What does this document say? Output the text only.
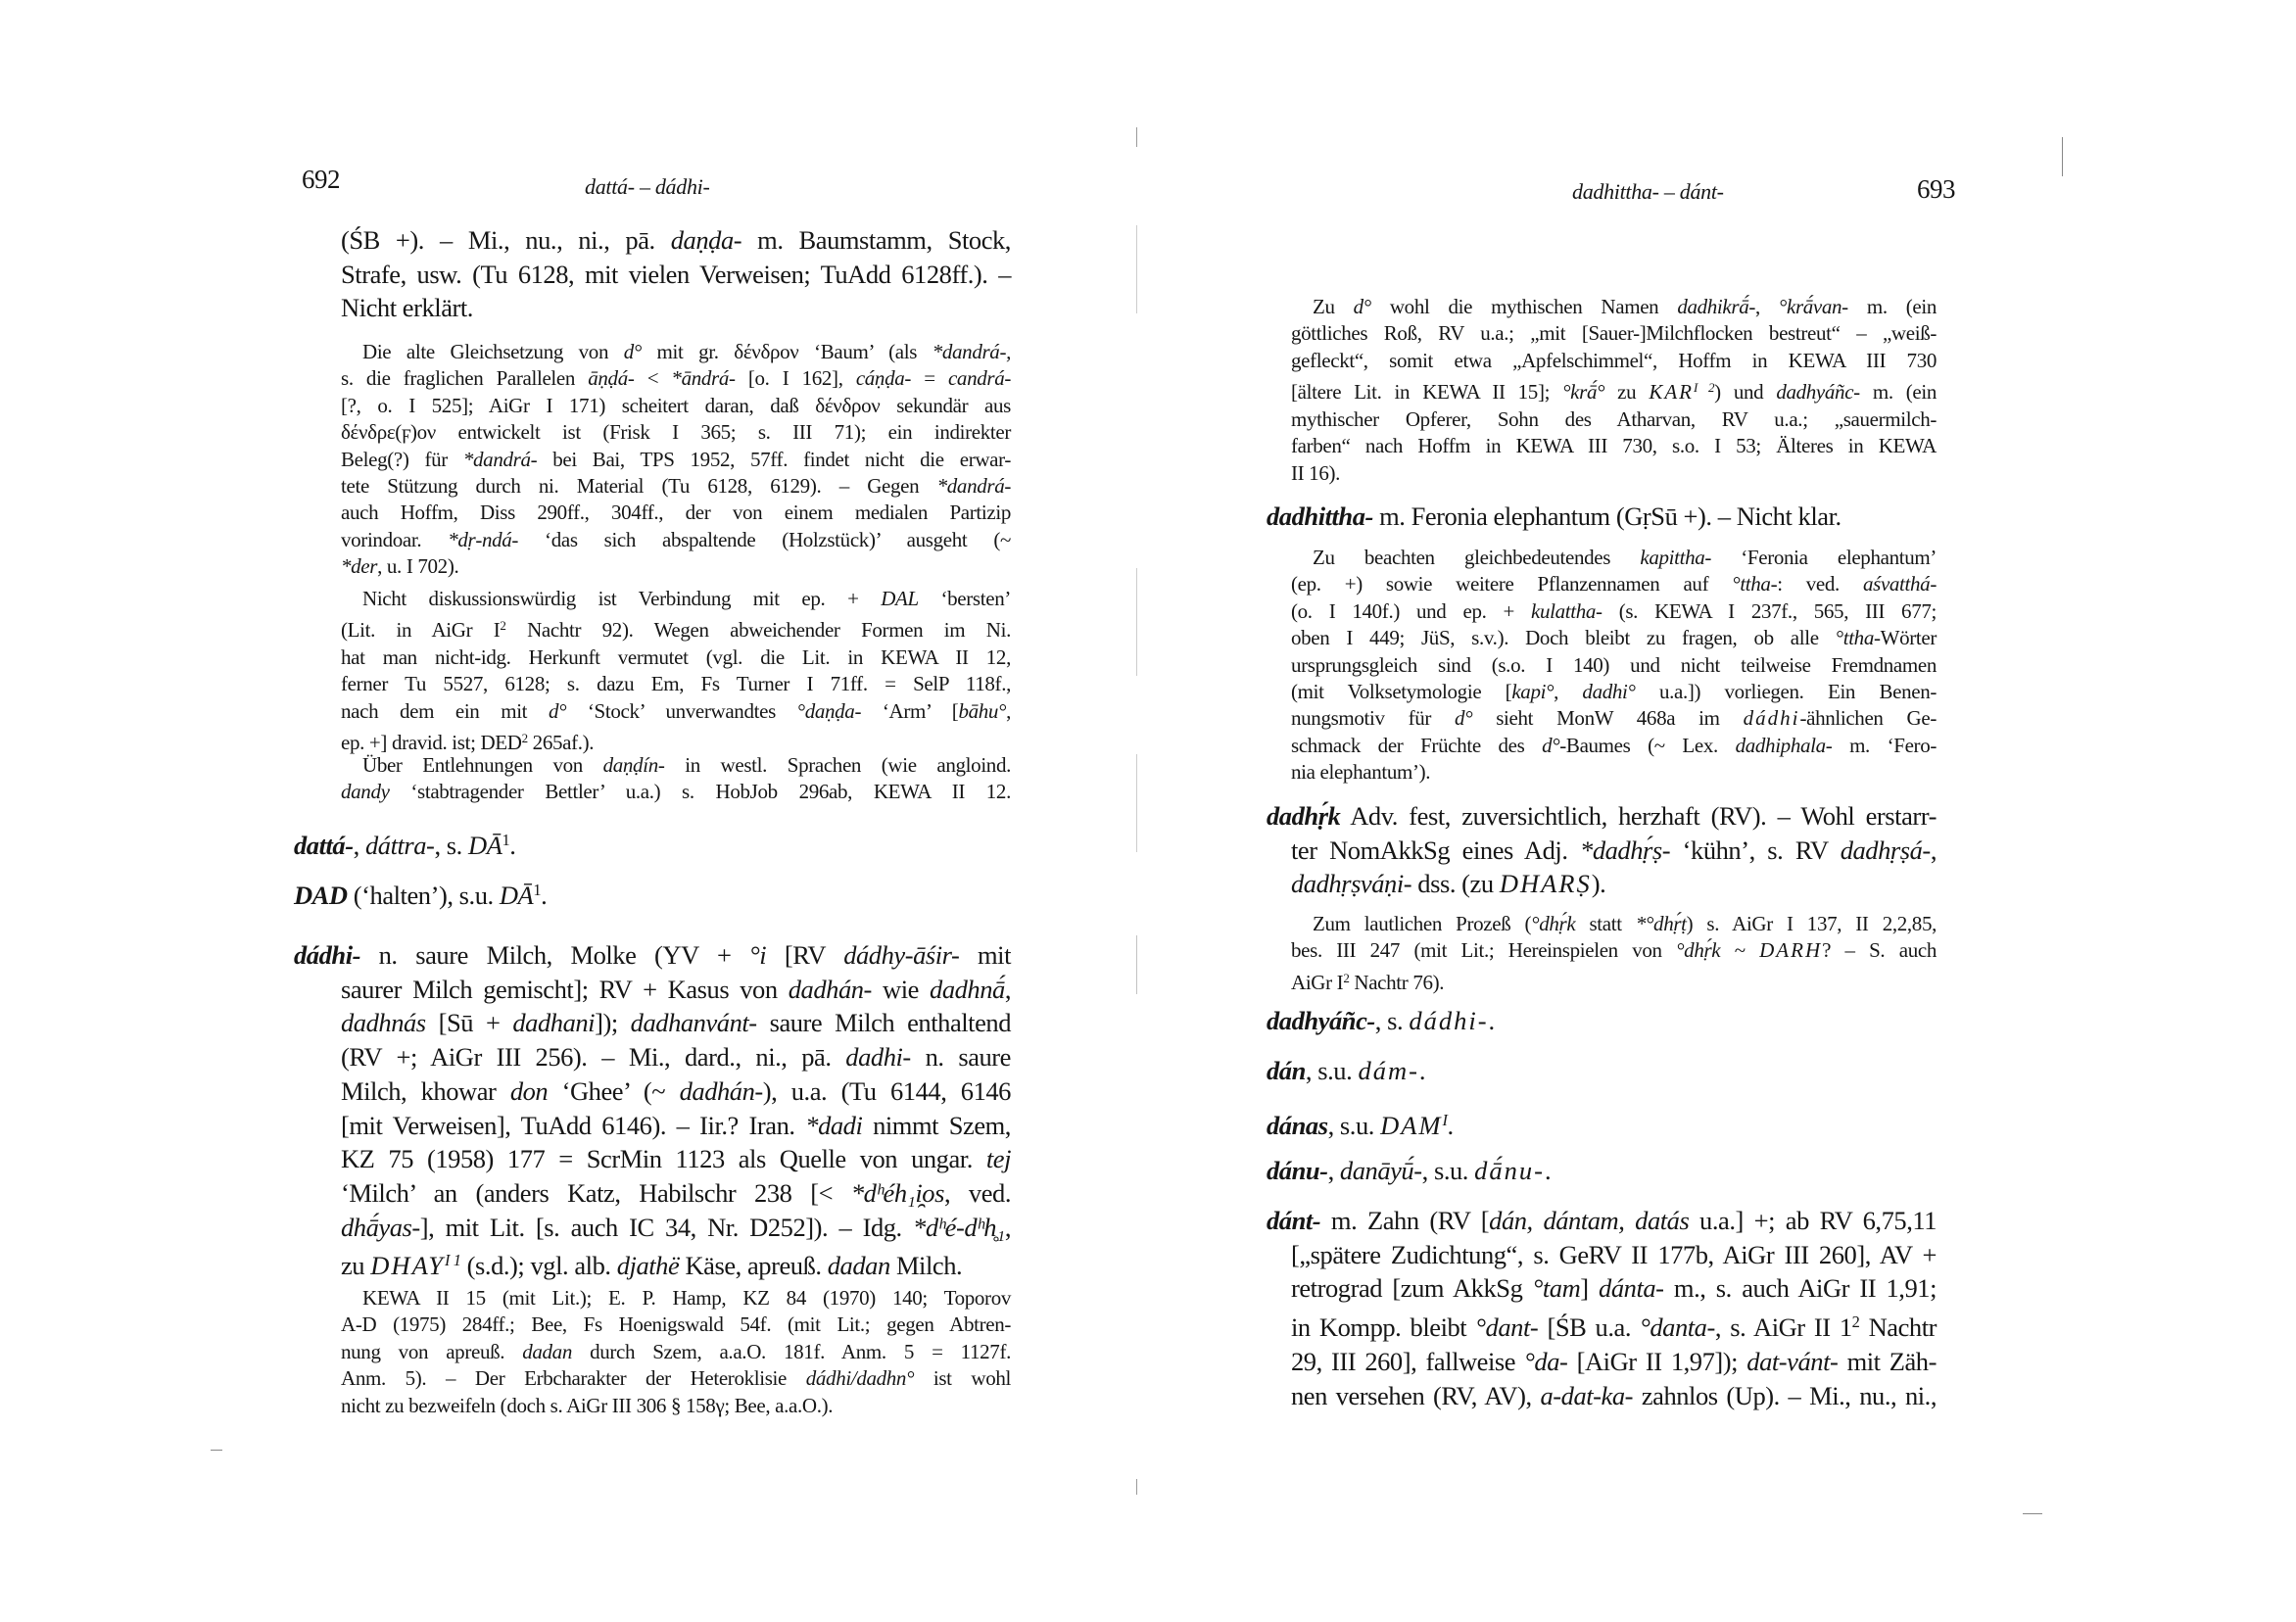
692	dattá- – dádhi-
(ŚB +). – Mi., nu., ni., pā. daṇḍa- m. Baumstamm, Stock,
Strafe, usw. (Tu 6128, mit vielen Verweisen; TuAdd 6128ff.). –
Nicht erklärt.
Die alte Gleichsetzung von d° mit gr. δένδρον ‘Baum’ (als *dandrá-,
s. die fraglichen Parallelen āṇḍá- < *āndrá- [o. I 162], cáṇḍa- = candrá-
[?, o. I 525]; AiGr I 171) scheitert daran, daß δένδρον sekundär aus
δένδρε(ϝ)ον entwickelt ist (Frisk I 365; s. III 71); ein indirekter
Beleg(?) für *dandrá- bei Bai, TPS 1952, 57ff. findet nicht die erwar-
tete Stützung durch ni. Material (Tu 6128, 6129). – Gegen *dandrá-
auch Hoffm, Diss 290ff., 304ff., der von einem medialen Partizip
vorindoar. *dṛ-ndá- ‘das sich abspaltende (Holzstück)’ ausgeht (~
*der, u. I 702).
Nicht diskussionswürdig ist Verbindung mit ep. + DAL ‘bersten’
(Lit. in AiGr $I^2$ Nachtr 92). Wegen abweichender Formen im Ni.
hat man nicht-idg. Herkunft vermutet (vgl. die Lit. in KEWA II 12,
ferner Tu 5527, 6128; s. dazu Em, Fs Turner I 71ff. = SelP 118f.,
nach dem ein mit d° ‘Stock’ unverwandtes °daṇḍa- ‘Arm’ [bāhu°,
ep. +] dravid. ist; DED$^2$ 265af.).
Über Entlehnungen von daṇḍín- in westl. Sprachen (wie angloind.
dandy ‘stabtragender Bettler’ u.a.) s. HobJob 296ab, KEWA II 12.
dattá-, dáttra-, s. $DĀ^1$.
DAD (‘halten’), s.u. $DĀ^1$.
dádhi- n. saure Milch, Molke (YV + °i [RV dádhy-āśir- mit
saurer Milch gemischt]; RV + Kasus von dadhán- wie dadhnā́,
dadhnás [Sū + dadhani]); dadhanvánt- saure Milch enthaltend
(RV +; AiGr III 256). – Mi., dard., ni., pā. dadhi- n. saure
Milch, khowar don ‘Ghee’ (~ dadhán-), u.a. (Tu 6144, 6146
[mit Verweisen], TuAdd 6146). – Iir.? Iran. *dadi nimmt Szem,
KZ 75 (1958) 177 = ScrMin 1123 als Quelle von ungar. tej
‘Milch’ an (anders Katz, Habilschr 238 [< *dʰéh₁i̯os, ved.
dhā́yas-], mit Lit. [s. auch IC 34, Nr. D252]). – Idg. *dʰé-dʰh̥₁,
zu $DHAY^{I 1}$ (s.d.); vgl. alb. djathë Käse, apreuß. dadan Milch.
KEWA II 15 (mit Lit.); E. P. Hamp, KZ 84 (1970) 140; Toporov
A-D (1975) 284ff.; Bee, Fs Hoenigswald 54f. (mit Lit.; gegen Abtren-
nung von apreuß. dadan durch Szem, a.a.O. 181f. Anm. 5 = 1127f.
Anm. 5). – Der Erbcharakter der Heteroklisie dádhi/dadhn° ist wohl
nicht zu bezweifeln (doch s. AiGr III 306 § 158γ; Bee, a.a.O.).
dadhittha- – dánt-	693
Zu d° wohl die mythischen Namen dadhikrā́-, °krā́van- m. (ein
göttliches Roß, RV u.a.; „mit [Sauer-]Milchflocken bestreut“ – „weiß-
gefleckt“, somit etwa „Apfelschimmel“, Hoffm in KEWA III 730
[ältere Lit. in KEWA II 15]; °krā́° zu $KAR^{I 2}$) und dadhyáñc- m. (ein
mythischer Opferer, Sohn des Atharvan, RV u.a.; „sauermilch-
farben“ nach Hoffm in KEWA III 730, s.o. I 53; Älteres in KEWA
II 16).
dadhittha- m. Feronia elephantum (GṛSū +). – Nicht klar.
Zu beachten gleichbedeutendes kapittha- ‘Feronia elephantum’
(ep. +) sowie weitere Pflanzennamen auf °ttha-: ved. aśvatthá-
(o. I 140f.) und ep. + kulattha- (s. KEWA I 237f., 565, III 677;
oben I 449; JüS, s.v.). Doch bleibt zu fragen, ob alle °ttha-Wörter
ursprungsgleich sind (s.o. I 140) und nicht teilweise Fremdnamen
(mit Volksetymologie [kapi°, dadhi° u.a.]) vorliegen. Ein Benen-
nungsmotiv für d° sieht MonW 468a im dádhi-ähnlichen Ge-
schmack der Früchte des d°-Baumes (~ Lex. dadhiphala- m. ‘Fero-
nia elephantum’).
dadhṛ́k Adv. fest, zuversichtlich, herzhaft (RV). – Wohl erstarr-
ter NomAkkSg eines Adj. *dadhṛ́ṣ- ‘kühn’, s. RV dadhṛṣá-,
dadhṛṣváṇi- dss. (zu DHARṢ).
Zum lautlichen Prozeß (°dhṛ́k statt *°dhṛ́ṭ) s. AiGr I 137, II 2,2,85,
bes. III 247 (mit Lit.; Hereinspielen von °dhṛ́k ~ DARH? – S. auch
AiGr $I^2$ Nachtr 76).
dadhyáñc-, s. dádhi-.
dán, s.u. dám-.
dánas, s.u. $DAM^I$.
dánu-, danāyū́-, s.u. dā́nu-.
dánt- m. Zahn (RV [dán, dántam, datás u.a.] +; ab RV 6,75,11
[„spätere Zudichtung“, s. GeRV II 177b, AiGr III 260], AV +
retrograd [zum AkkSg °tam] dánta- m., s. auch AiGr II 1,91;
in Kompp. bleibt °dant- [ŚB u.a. °danta-, s. AiGr II $1^2$ Nachtr
29, III 260], fallweise °da- [AiGr II 1,97]); dat-vánt- mit Zäh-
nen versehen (RV, AV), a-dat-ka- zahnlos (Up). – Mi., nu., ni.,
